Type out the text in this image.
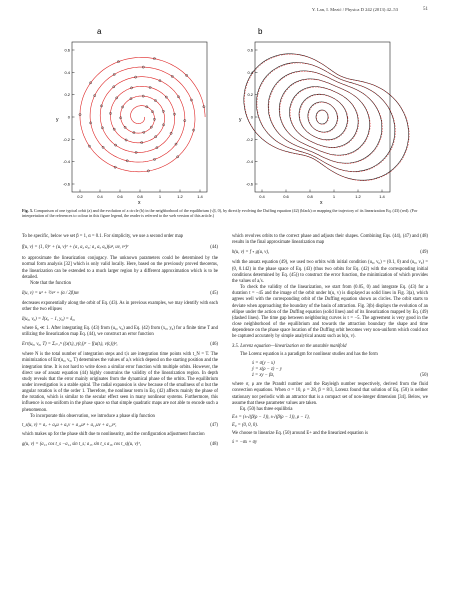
Y. Lan, I. Mezić / Physica D 242 (2013) 42–53	51
a
0.6
0.4
0.2
0
-0.2
-0.4
-0.6
0.2	0.4	0.6	0.8	1	1.2	1.4
y
x
b
0.6
0.4
0.2
0
-0.2
-0.4
-0.6
0.4	0.6	0.8	1	1.2	1.4
y
x
Fig. 3. Comparison of one typical orbit (a) and the evolution of a circle (b) in the neighborhood of the equilibrium (√β, 0), by directly evolving the Duffing equation (42) (black) or mapping the trajectory of its linearization Eq. (43) (red). (For interpretation of the references to colour in this figure legend, the reader is referred to the web version of this article.)

To be specific, below we set β = 1, α = 0.1. For simplicity, we use a second order map

f(u, v) = (1, 0)ᵀ + (u, v)ᵀ + (a₁ a₂ a₃; a₄ a₅ a₆)(u², uv, v²)ᵀ	(44)

to approximate the linearization conjugacy. The unknown parameters could be determined by the normal form analysis [32] which is only valid locally. Here, based on the previously proved theorems, the linearization can be extended to a much larger region by a different approximation which is to be detailed.

Note that the function

I(u, v) = u² + ½v² + (α / 2β)uv	(45)

decreases exponentially along the orbit of Eq. (43). As in previous examples, we may identify with each other the two ellipses

I(u₀, v₀) = I(x₀ − 1, y₀) = δ₀,

where δ₀ ≪ 1. After integrating Eq. (43) from (u₀, v₀) and Eq. (42) from (x₀, y₀) for a finite time T and utilizing the linearization map Eq. (44), we construct an error function

Err(u₀, v₀, T) = Σᵢ₌₁ᴺ ((x(tᵢ), y(tᵢ))ᵀ − f(u(tᵢ), v(tᵢ)))²,	(46)

where N is the total number of integration steps and tᵢ's are integration time points with t_N = T. The minimization of Err(u₀, v₀, T) determines the values of aᵢ's which depend on the starting position and the integration time. It is not hard to write down a similar error function with multiple orbits. However, the direct use of ansatz equation (44) highly constrains the validity of the linearization region. In depth study reveals that the error mainly originates from the dynamical phase of the orbits. The equilibrium under investigation is a stable spiral. The radial expansion is slow because of the smallness of α but the angular rotation is of the order 1. Therefore, the nonlinear term in Eq. (42) affects mainly the phase of the rotation, which is similar to the secular effect seen in many nonlinear systems. Furthermore, this influence is non-uniform in the phase space so that simple quadratic maps are not able to encode such a phenomenon.

To incorporate this observation, we introduce a phase slip function

t_s(u, v) = a₇ + a₈u + a₉v + a₁₀u² + a₁₁uv + a₁₂v²,	(47)

which makes up for the phase shift due to nonlinearity, and the configuration adjustment function

g(u, v) = (a₁₃ cos t_s −a₁₄ sin t_s; a₁₅ sin t_s a₁₆ cos t_s)(u, v)ᵀ,	(48)

which revolves orbits to the correct phase and adjusts their shapes. Combining Eqs. (44), (47) and (48) results in the final approximate linearization map

h(u, v) = f ∘ g(u, v),	(49)

with the ansatz equation (49), we used two orbits with initial condition (u₀, v₀) = (0.1, 0) and (u₀, v₀) = (0, 0.142) in the phase space of Eq. (43) (thus two orbits for Eq. (42) with the corresponding initial conditions determined by Eq. (45)) to construct the error function, the minimization of which provides the values of aᵢ's.

To check the validity of the linearization, we start from (0.05, 0) and integrate Eq. (43) for a duration t = −45 and the image of the orbit under h(u, v) is displayed as solid lines in Fig. 3(a), which agrees well with the corresponding orbit of the Duffing equation shown as circles. The orbit starts to deviate when approaching the boundary of the basin of attraction. Fig. 3(b) displays the evolution of an ellipse under the action of the Duffing equation (solid lines) and of its linearization mapped by Eq. (49) (dashed lines). The time gap between neighboring curves is t = −5. The agreement is very good in the close neighborhood of the equilibrium and towards the attraction boundary the shape and time dependence on the phase space location of the Duffing orbit becomes very non-uniform which could not be captured accurately by simple analytical ansatz such as h(u, v).

3.5. Lorenz equation—linearization on the unstable manifold

The Lorenz equation is a paradigm for nonlinear studies and has the form

ẋ = σ(y − x)
ẏ = x(ρ − z) − y
ż = xy − βz,	(50)

where σ, ρ are the Prandtl number and the Rayleigh number respectively, derived from the fluid convection equations. When σ = 10, ρ = 28, β = 8/3, Lorenz found that solution of Eq. (50) is neither stationary nor periodic with an attractor that is a compact set of non-integer dimension [34]. Below, we assume that these parameter values are taken.

Eq. (50) has three equilibria

E± = (±√(β(ρ − 1)), ±√(β(ρ − 1)), ρ − 1),
E₀ = (0, 0, 0).

We choose to linearize Eq. (50) around E+ and the linearized equation is

ẋ = −σx + σy
